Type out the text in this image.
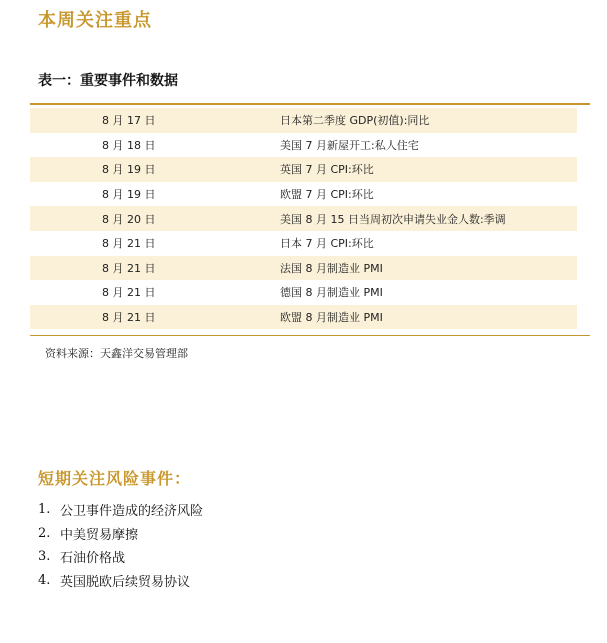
本周关注重点
表一：重要事件和数据
8 月 17 日	日本第二季度 GDP(初值):同比
8 月 18 日	美国 7 月新屋开工:私人住宅
8 月 19 日	英国 7 月 CPI:环比
8 月 19 日	欧盟 7 月 CPI:环比
8 月 20 日	美国 8 月 15 日当周初次申请失业金人数:季调
8 月 21 日	日本 7 月 CPI:环比
8 月 21 日	法国 8 月制造业 PMI
8 月 21 日	德国 8 月制造业 PMI
8 月 21 日	欧盟 8 月制造业 PMI
资料来源：天鑫洋交易管理部
短期关注风险事件：
1. 公卫事件造成的经济风险
2. 中美贸易摩擦
3. 石油价格战
4. 英国脱欧后续贸易协议
